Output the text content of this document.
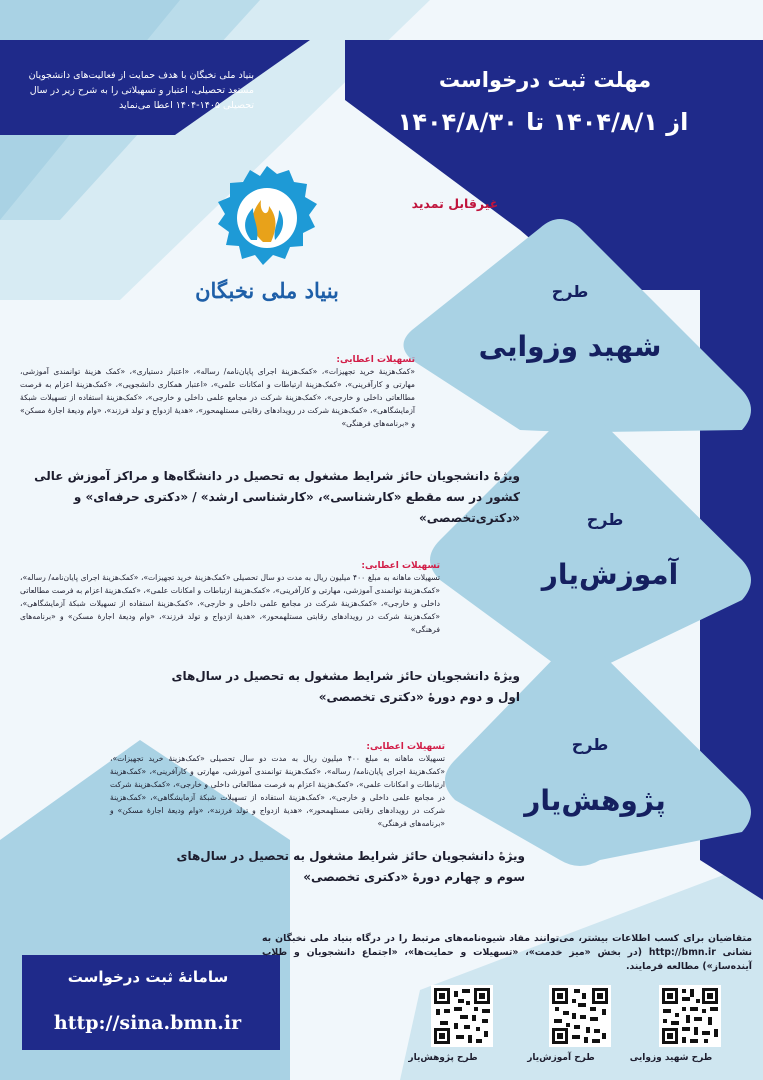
بنیاد ملی نخبگان با هدف حمایت از فعالیت‌های دانشجویان مستعد تحصیلی، اعتبار و تسهیلاتی را به شرح زیر در سال تحصیلی ۱۴۰۵-۱۴۰۴ اعطا می‌نماید
مهلت ثبت درخواست
از ۱۴۰۴/۸/۱ تا ۱۴۰۴/۸/۳۰
غیرقابل تمدید
بنیاد ملی نخبگان	طرح
شهید وزوایی
تسهیلات اعطایی:
«کمک‌هزینهٔ خرید تجهیزات»، «کمک‌هزینهٔ اجرای پایان‌نامه/ رساله»، «اعتبار دستیاری»، «کمک هزینهٔ توانمندی آموزشی، مهارتی و کارآفرینی»، «کمک‌هزینهٔ ارتباطات و امکانات علمی»، «اعتبار همکاری دانشجویی»، «کمک‌هزینهٔ اعزام به فرصت مطالعاتی داخلی و خارجی»، «کمک‌هزینهٔ شرکت در مجامع علمی داخلی و خارجی»، «کمک‌هزینهٔ استفاده از تسهیلات شبکهٔ آزمایشگاهی»، «کمک‌هزینهٔ شرکت در رویدادهای رقابتی مستلهمحور»، «هدیهٔ ازدواج و تولد فرزند»، «وام ودیعهٔ اجارهٔ مسکن» و «برنامه‌های فرهنگی»
ویژهٔ دانشجویان حائز شرایط مشغول به تحصیل در دانشگاه‌ها و مراکز آموزش عالی کشور در سه مقطع «کارشناسی»، «کارشناسی ارشد» / «دکتری حرفه‌ای» و «دکتری‌تخصصی»	طرح
آموزش‌یار
تسهیلات اعطایی:
تسهیلات ماهانه به مبلغ ۴۰۰ میلیون ریال به مدت دو سال تحصیلی «کمک‌هزینهٔ خرید تجهیزات»، «کمک‌هزینهٔ اجرای پایان‌نامه/ رساله»، «کمک‌هزینهٔ توانمندی آموزشی، مهارتی و کارآفرینی»، «کمک‌هزینهٔ ارتباطات و امکانات علمی»، «کمک‌هزینهٔ اعزام به فرصت مطالعاتی داخلی و خارجی»، «کمک‌هزینهٔ شرکت در مجامع علمی داخلی و خارجی»، «کمک‌هزینهٔ استفاده از تسهیلات شبکهٔ آزمایشگاهی»، «کمک‌هزینهٔ شرکت در رویدادهای رقابتی مستلهمحور»، «هدیهٔ ازدواج و تولد فرزند»، «وام ودیعهٔ اجارهٔ مسکن» و «برنامه‌های فرهنگی»
ویژهٔ دانشجویان حائز شرایط مشغول به تحصیل در سال‌های اول و دوم دورهٔ «دکتری تخصصی»
طرح
پژوهش‌یار
تسهیلات اعطایی:
تسهیلات ماهانه به مبلغ ۴۰۰ میلیون ریال به مدت دو سال تحصیلی «کمک‌هزینهٔ خرید تجهیزات»، «کمک‌هزینهٔ اجرای پایان‌نامه/ رساله»، «کمک‌هزینهٔ توانمندی آموزشی، مهارتی و کارآفرینی»، «کمک‌هزینهٔ ارتباطات و امکانات علمی»، «کمک‌هزینهٔ اعزام به فرصت مطالعاتی داخلی و خارجی»، «کمک‌هزینهٔ شرکت در مجامع علمی داخلی و خارجی»، «کمک‌هزینهٔ استفاده از تسهیلات شبکهٔ آزمایشگاهی»، «کمک‌هزینهٔ شرکت در رویدادهای رقابتی مستلهمحور»، «هدیهٔ ازدواج و تولد فرزند»، «وام ودیعهٔ اجارهٔ مسکن» و «برنامه‌های فرهنگی»
ویژهٔ دانشجویان حائز شرایط مشغول به تحصیل در سال‌های سوم و چهارم دورهٔ «دکتری تخصصی»
متقاضیان برای کسب اطلاعات بیشتر، می‌توانند مفاد شیوه‌نامه‌های مرتبط را در درگاه بنیاد ملی نخبگان به نشانی http://bmn.ir (در بخش «میز خدمت»، «تسهیلات و حمایت‌ها»، «اجتماع دانشجویان و طلاب آینده‌ساز») مطالعه فرمایند.
سامانهٔ ثبت درخواست
http://sina.bmn.ir
طرح شهید وزوایی
طرح آموزش‌یار
طرح پژوهش‌یار
